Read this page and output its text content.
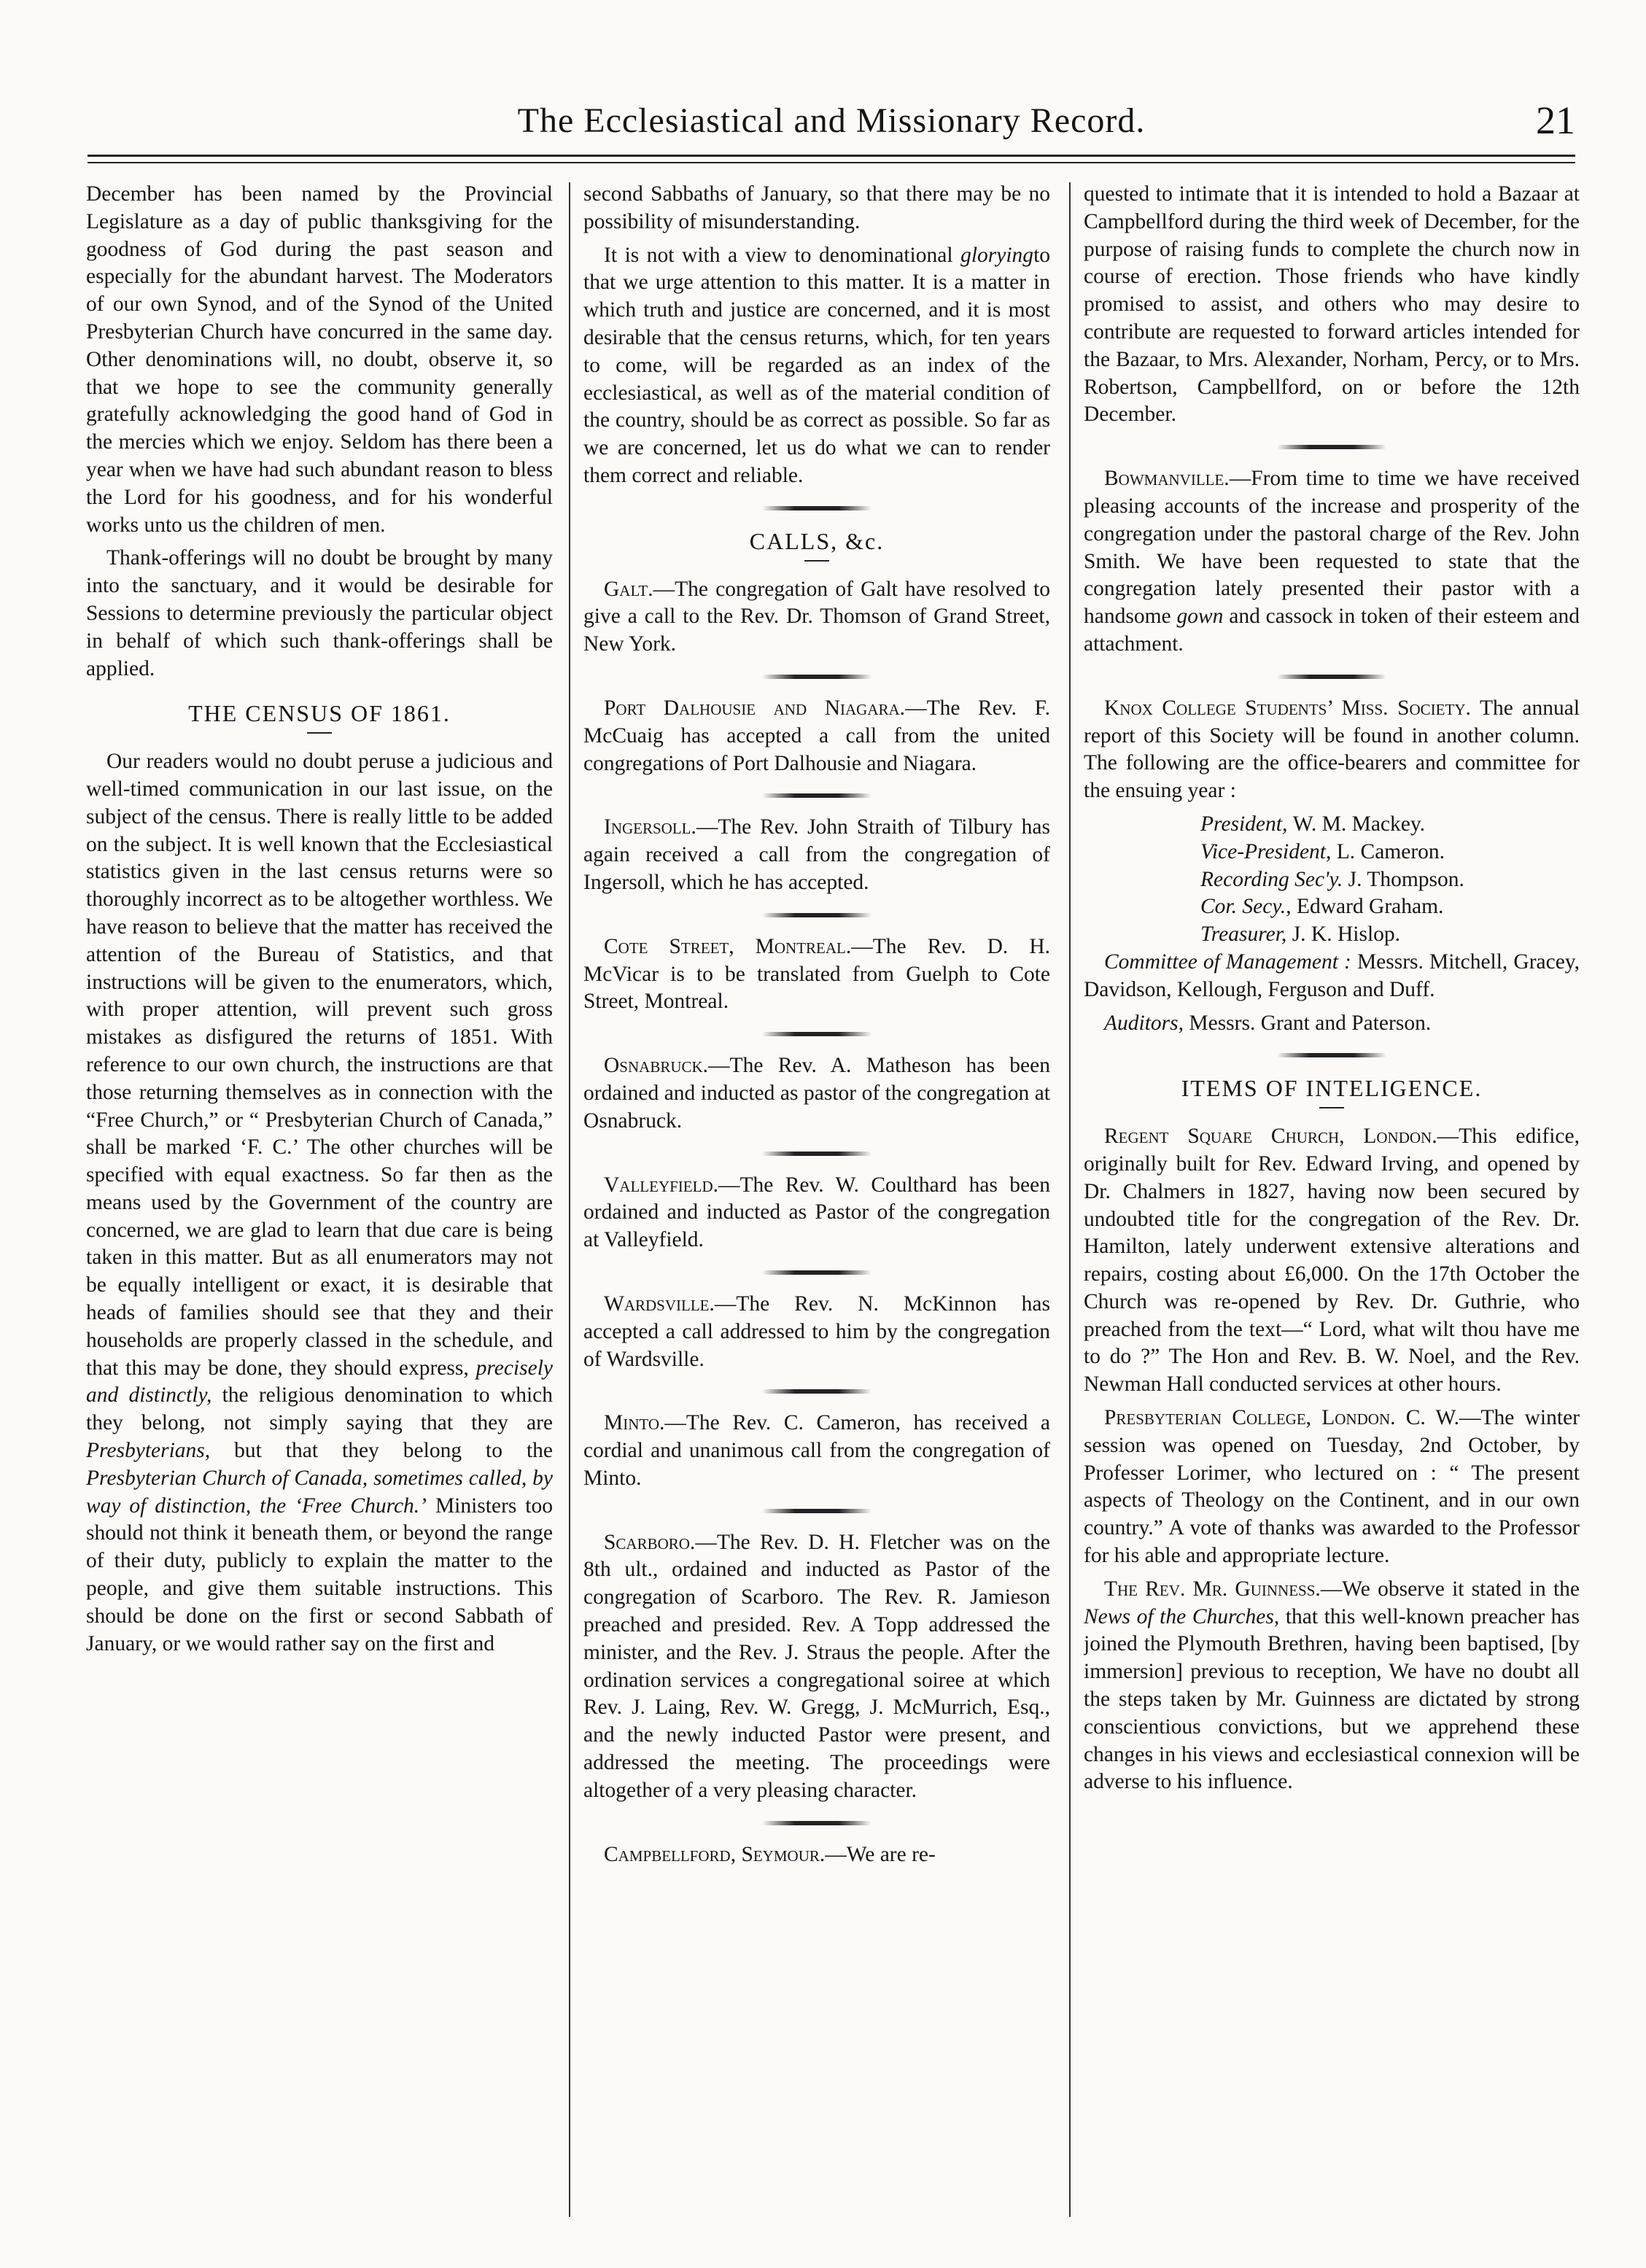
The Ecclesiastical and Missionary Record.	21

December has been named by the Provincial Legislature as a day of public thanksgiving for the goodness of God during the past season and especially for the abundant harvest. The Moderators of our own Synod, and of the Synod of the United Presbyterian Church have concurred in the same day. Other denominations will, no doubt, observe it, so that we hope to see the community generally gratefully acknowledging the good hand of God in the mercies which we enjoy. Seldom has there been a year when we have had such abundant reason to bless the Lord for his goodness, and for his wonderful works unto us the children of men.

Thank-offerings will no doubt be brought by many into the sanctuary, and it would be desirable for Sessions to determine previously the particular object in behalf of which such thank-offerings shall be applied.

THE CENSUS OF 1861.

Our readers would no doubt peruse a judicious and well-timed communication in our last issue, on the subject of the census. There is really little to be added on the subject. It is well known that the Ecclesiastical statistics given in the last census returns were so thoroughly incorrect as to be altogether worthless. We have reason to believe that the matter has received the attention of the Bureau of Statistics, and that instructions will be given to the enumerators, which, with proper attention, will prevent such gross mistakes as disfigured the returns of 1851. With reference to our own church, the instructions are that those returning themselves as in connection with the “Free Church,” or “ Presbyterian Church of Canada,” shall be marked ‘F. C.’ The other churches will be specified with equal exactness. So far then as the means used by the Government of the country are concerned, we are glad to learn that due care is being taken in this matter. But as all enumerators may not be equally intelligent or exact, it is desirable that heads of families should see that they and their households are properly classed in the schedule, and that this may be done, they should express, precisely and distinctly, the religious denomination to which they belong, not simply saying that they are Presbyterians, but that they belong to the Presbyterian Church of Canada, sometimes called, by way of distinction, the ‘Free Church.’ Ministers too should not think it beneath them, or beyond the range of their duty, publicly to explain the matter to the people, and give them suitable instructions. This should be done on the first or second Sabbath of January, or we would rather say on the first and

second Sabbaths of January, so that there may be no possibility of misunderstanding.

It is not with a view to denominational gloryingto that we urge attention to this matter. It is a matter in which truth and justice are concerned, and it is most desirable that the census returns, which, for ten years to come, will be regarded as an index of the ecclesiastical, as well as of the material condition of the country, should be as correct as possible. So far as we are concerned, let us do what we can to render them correct and reliable.

CALLS, &c.

Galt.—The congregation of Galt have resolved to give a call to the Rev. Dr. Thomson of Grand Street, New York.

Port Dalhousie and Niagara.—The Rev. F. McCuaig has accepted a call from the united congregations of Port Dalhousie and Niagara.

Ingersoll.—The Rev. John Straith of Tilbury has again received a call from the congregation of Ingersoll, which he has accepted.

Cote Street, Montreal.—The Rev. D. H. McVicar is to be translated from Guelph to Cote Street, Montreal.

Osnabruck.—The Rev. A. Matheson has been ordained and inducted as pastor of the congregation at Osnabruck.

Valleyfield.—The Rev. W. Coulthard has been ordained and inducted as Pastor of the congregation at Valleyfield.

Wardsville.—The Rev. N. McKinnon has accepted a call addressed to him by the congregation of Wardsville.

Minto.—The Rev. C. Cameron, has received a cordial and unanimous call from the congregation of Minto.

Scarboro.—The Rev. D. H. Fletcher was on the 8th ult., ordained and inducted as Pastor of the congregation of Scarboro. The Rev. R. Jamieson preached and presided. Rev. A Topp addressed the minister, and the Rev. J. Straus the people. After the ordination services a congregational soiree at which Rev. J. Laing, Rev. W. Gregg, J. McMurrich, Esq., and the newly inducted Pastor were present, and addressed the meeting. The proceedings were altogether of a very pleasing character.

Campbellford, Seymour.—We are re-

quested to intimate that it is intended to hold a Bazaar at Campbellford during the third week of December, for the purpose of raising funds to complete the church now in course of erection. Those friends who have kindly promised to assist, and others who may desire to contribute are requested to forward articles intended for the Bazaar, to Mrs. Alexander, Norham, Percy, or to Mrs. Robertson, Campbellford, on or before the 12th December.

Bowmanville.—From time to time we have received pleasing accounts of the increase and prosperity of the congregation under the pastoral charge of the Rev. John Smith. We have been requested to state that the congregation lately presented their pastor with a handsome gown and cassock in token of their esteem and attachment.

Knox College Students’ Miss. Society. The annual report of this Society will be found in another column. The following are the office-bearers and committee for the ensuing year :

President, W. M. Mackey.

Vice-President, L. Cameron.

Recording Sec'y. J. Thompson.

Cor. Secy., Edward Graham.

Treasurer, J. K. Hislop.

Committee of Management : Messrs. Mitchell, Gracey, Davidson, Kellough, Ferguson and Duff.

Auditors, Messrs. Grant and Paterson.

ITEMS OF INTELIGENCE.

Regent Square Church, London.—This edifice, originally built for Rev. Edward Irving, and opened by Dr. Chalmers in 1827, having now been secured by undoubted title for the congregation of the Rev. Dr. Hamilton, lately underwent extensive alterations and repairs, costing about £6,000. On the 17th October the Church was re-opened by Rev. Dr. Guthrie, who preached from the text—“ Lord, what wilt thou have me to do ?” The Hon and Rev. B. W. Noel, and the Rev. Newman Hall conducted services at other hours.

Presbyterian College, London. C. W.—The winter session was opened on Tuesday, 2nd October, by Professer Lorimer, who lectured on : “ The present aspects of Theology on the Continent, and in our own country.” A vote of thanks was awarded to the Professor for his able and appropriate lecture.

The Rev. Mr. Guinness.—We observe it stated in the News of the Churches, that this well-known preacher has joined the Plymouth Brethren, having been baptised, [by immersion] previous to reception, We have no doubt all the steps taken by Mr. Guinness are dictated by strong conscientious convictions, but we apprehend these changes in his views and ecclesiastical connexion will be adverse to his influence.
